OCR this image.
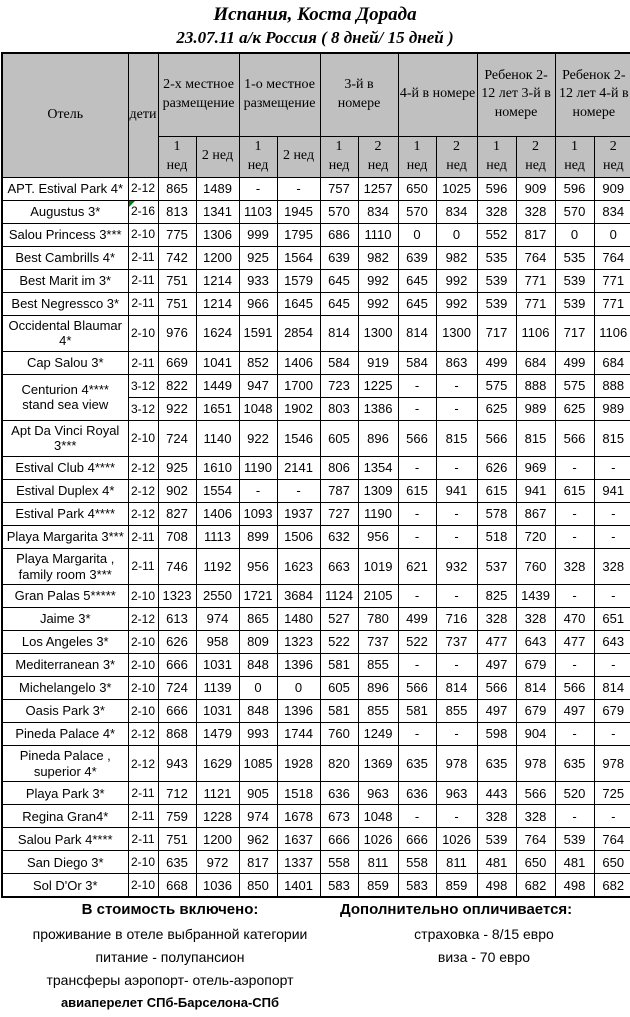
Испания, Коста Дорада
23.07.11 а/к Россия ( 8 дней/ 15 дней )
Отель	дети	2-х местное размещение		1-о местное размещение		3-й в номере		4-й в номере		Ребенок 2-12 лет 3-й в номере		Ребенок 2-12 лет 4-й в номере	
		1 нед	2 нед	1 нед	2 нед	1 нед	2 нед	1 нед	2 нед	1 нед	2 нед	1 нед	2 нед
APT. Estival Park 4*	2-12	865	1489	-	-	757	1257	650	1025	596	909	596	909
Augustus 3*	2-16	813	1341	1103	1945	570	834	570	834	328	328	570	834
Salou Princess 3***	2-10	775	1306	999	1795	686	1110	0	0	552	817	0	0
Best Cambrills 4*	2-11	742	1200	925	1564	639	982	639	982	535	764	535	764
Best Marit im 3*	2-11	751	1214	933	1579	645	992	645	992	539	771	539	771
Best Negressco 3*	2-11	751	1214	966	1645	645	992	645	992	539	771	539	771
Occidental Blaumar 4*	2-10	976	1624	1591	2854	814	1300	814	1300	717	1106	717	1106
Cap Salou 3*	2-11	669	1041	852	1406	584	919	584	863	499	684	499	684
Centurion 4**** stand sea view	3-12	822	1449	947	1700	723	1225	-	-	575	888	575	888
	3-12	922	1651	1048	1902	803	1386	-	-	625	989	625	989
Apt Da Vinci Royal 3***	2-10	724	1140	922	1546	605	896	566	815	566	815	566	815
Estival Club 4****	2-12	925	1610	1190	2141	806	1354	-	-	626	969	-	-
Estival Duplex 4*	2-12	902	1554	-	-	787	1309	615	941	615	941	615	941
Estival Park 4****	2-12	827	1406	1093	1937	727	1190	-	-	578	867	-	-
Playa Margarita 3***	2-11	708	1113	899	1506	632	956	-	-	518	720	-	-
Playa Margarita , family room 3***	2-11	746	1192	956	1623	663	1019	621	932	537	760	328	328
Gran Palas 5*****	2-10	1323	2550	1721	3684	1124	2105	-	-	825	1439	-	-
Jaime 3*	2-12	613	974	865	1480	527	780	499	716	328	328	470	651
Los Angeles 3*	2-10	626	958	809	1323	522	737	522	737	477	643	477	643
Mediterranean 3*	2-10	666	1031	848	1396	581	855	-	-	497	679	-	-
Michelangelo 3*	2-10	724	1139	0	0	605	896	566	814	566	814	566	814
Oasis Park 3*	2-10	666	1031	848	1396	581	855	581	855	497	679	497	679
Pineda Palace 4*	2-12	868	1479	993	1744	760	1249	-	-	598	904	-	-
Pineda Palace , superior 4*	2-12	943	1629	1085	1928	820	1369	635	978	635	978	635	978
Playa Park 3*	2-11	712	1121	905	1518	636	963	636	963	443	566	520	725
Regina Gran4*	2-11	759	1228	974	1678	673	1048	-	-	328	328	-	-
Salou Park 4****	2-11	751	1200	962	1637	666	1026	666	1026	539	764	539	764
San Diego 3*	2-10	635	972	817	1337	558	811	558	811	481	650	481	650
Sol D'Or 3*	2-10	668	1036	850	1401	583	859	583	859	498	682	498	682
В стоимость включено:
проживание в отеле выбранной категории
питание - полупансион
трансферы аэропорт- отель-аэропорт
авиаперелет СПб-Барселона-СПб
Дополнительно опличивается:
страховка - 8/15 евро
виза - 70 евро
